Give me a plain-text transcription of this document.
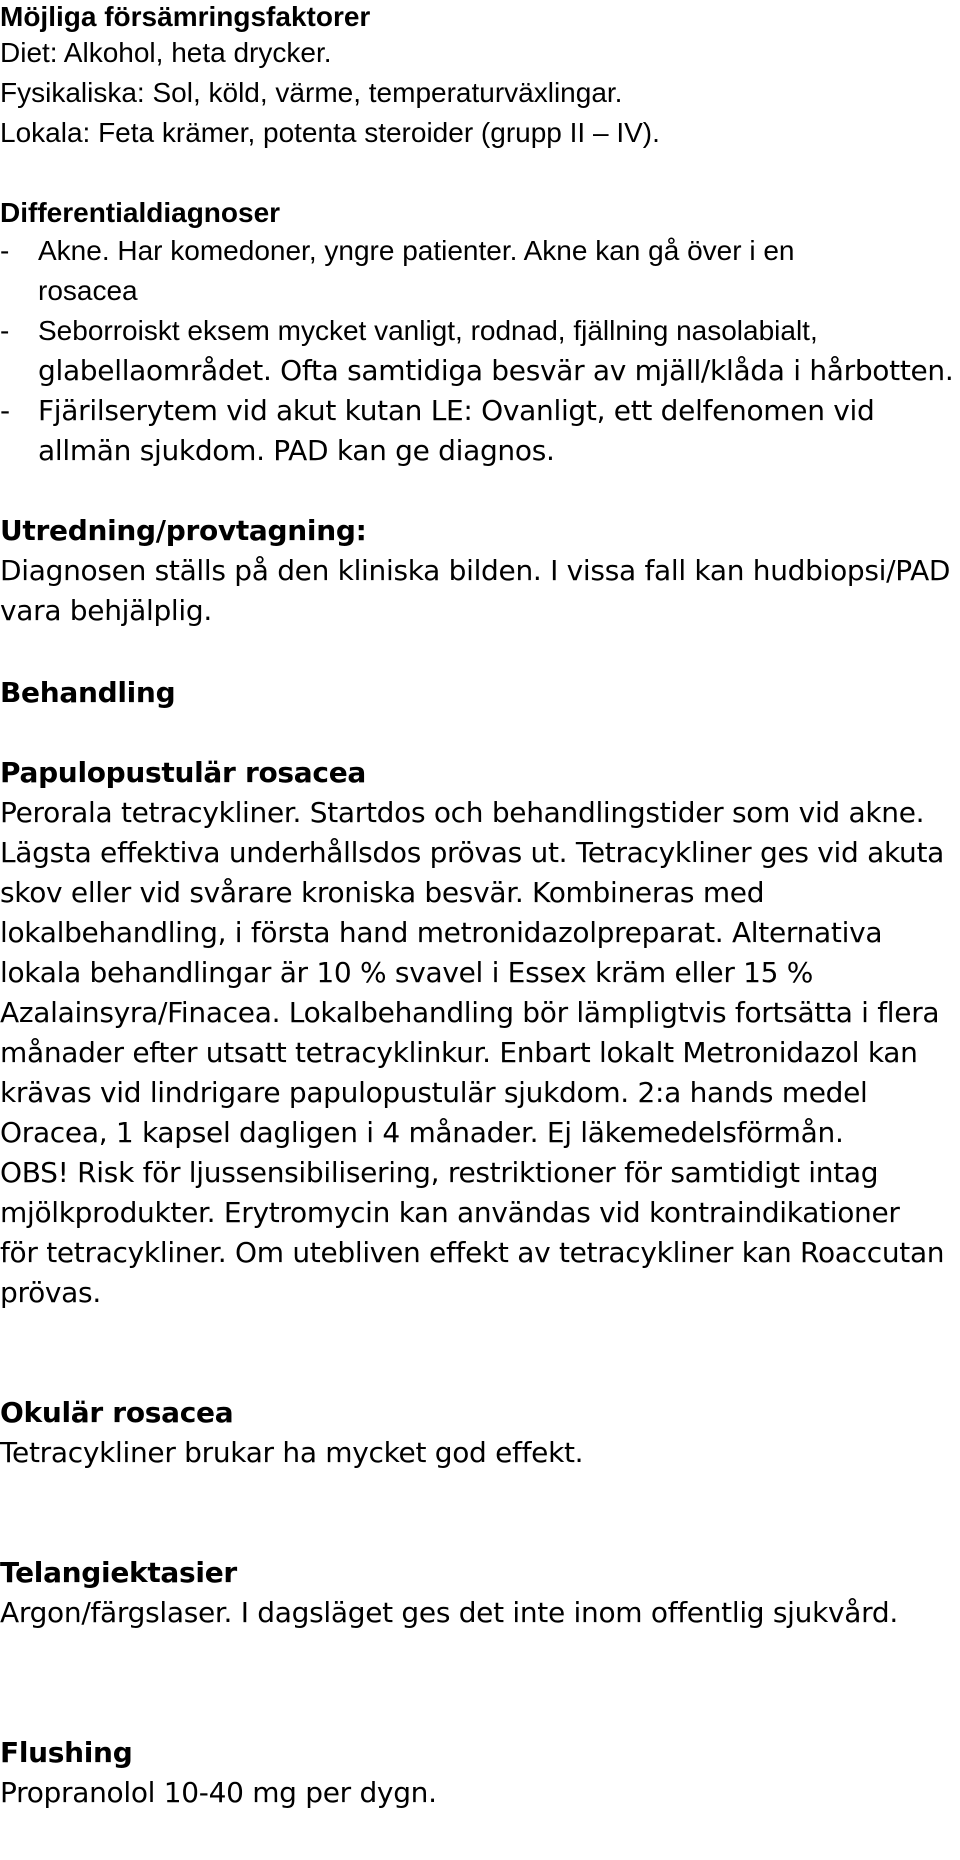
Möjliga försämringsfaktorer
Diet: Alkohol, heta drycker.
Fysikaliska: Sol, köld, värme, temperaturväxlingar.
Lokala: Feta krämer, potenta steroider (grupp II – IV).
Differentialdiagnoser
- Akne. Har komedoner, yngre patienter. Akne kan gå över i en
rosacea
- Seborroiskt eksem mycket vanligt, rodnad, fjällning nasolabialt,
glabellaområdet. Ofta samtidiga besvär av mjäll/klåda i hårbotten.
- Fjärilserytem vid akut kutan LE: Ovanligt, ett delfenomen vid
allmän sjukdom. PAD kan ge diagnos.
Utredning/provtagning:
Diagnosen ställs på den kliniska bilden. I vissa fall kan hudbiopsi/PAD
vara behjälplig.
Behandling
Papulopustulär rosacea
Perorala tetracykliner. Startdos och behandlingstider som vid akne.
Lägsta effektiva underhållsdos prövas ut. Tetracykliner ges vid akuta
skov eller vid svårare kroniska besvär. Kombineras med
lokalbehandling, i första hand metronidazolpreparat. Alternativa
lokala behandlingar är 10 % svavel i Essex kräm eller 15 %
Azalainsyra/Finacea. Lokalbehandling bör lämpligtvis fortsätta i flera
månader efter utsatt tetracyklinkur. Enbart lokalt Metronidazol kan
krävas vid lindrigare papulopustulär sjukdom. 2:a hands medel
Oracea, 1 kapsel dagligen i 4 månader. Ej läkemedelsförmån.
OBS! Risk för ljussensibilisering, restriktioner för samtidigt intag
mjölkprodukter. Erytromycin kan användas vid kontraindikationer
för tetracykliner. Om utebliven effekt av tetracykliner kan Roaccutan
prövas.
Okulär rosacea
Tetracykliner brukar ha mycket god effekt.
Telangiektasier
Argon/färgslaser. I dagsläget ges det inte inom offentlig sjukvård.
Flushing
Propranolol 10-40 mg per dygn.
